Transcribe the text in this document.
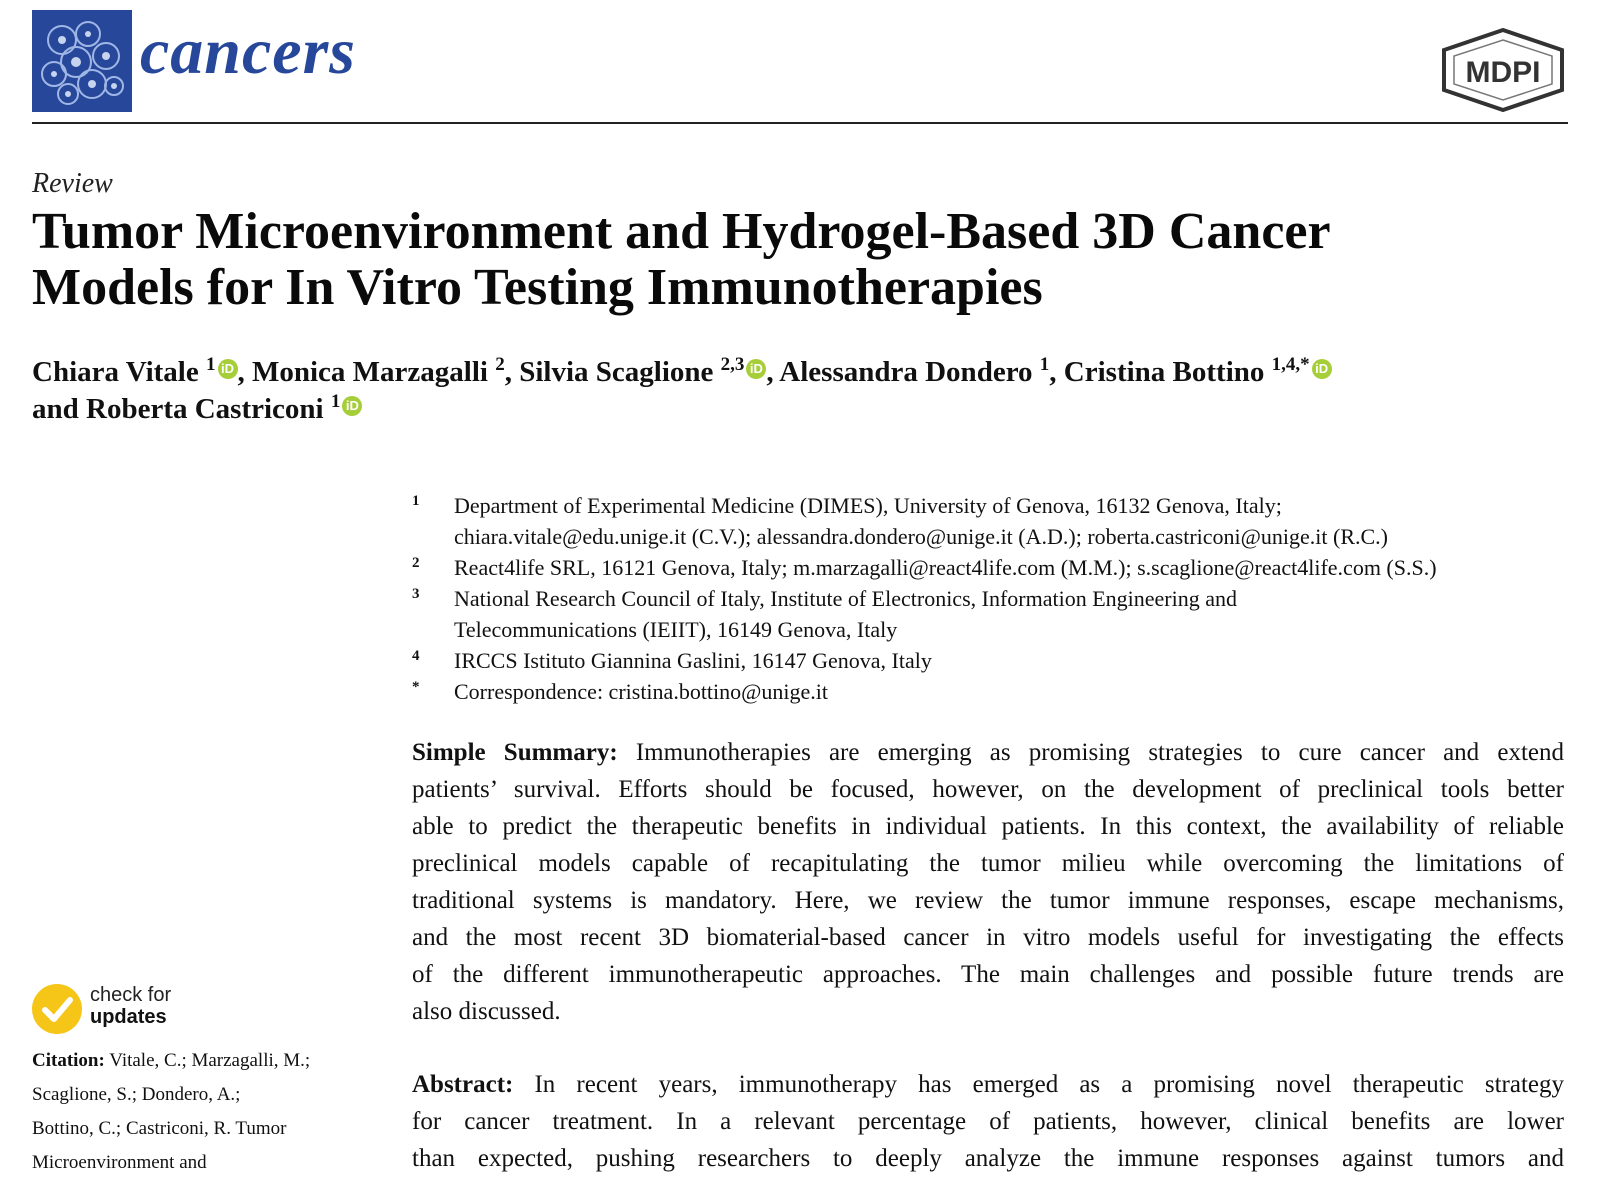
cancers	MDPI
Review
Tumor Microenvironment and Hydrogel-Based 3D Cancer
Models for In Vitro Testing Immunotherapies
Chiara Vitale $^1$ iD , Monica Marzagalli $^2$, Silvia Scaglione $^{2,3}$ iD , Alessandra Dondero $^1$, Cristina Bottino $^{1,4,*}$ iD
and Roberta Castriconi $^1$ iD
1 Department of Experimental Medicine (DIMES), University of Genova, 16132 Genova, Italy;
chiara.vitale@edu.unige.it (C.V.); alessandra.dondero@unige.it (A.D.); roberta.castriconi@unige.it (R.C.)
2 React4life SRL, 16121 Genova, Italy; m.marzagalli@react4life.com (M.M.); s.scaglione@react4life.com (S.S.)
3 National Research Council of Italy, Institute of Electronics, Information Engineering and
Telecommunications (IEIIT), 16149 Genova, Italy
4 IRCCS Istituto Giannina Gaslini, 16147 Genova, Italy
* Correspondence: cristina.bottino@unige.it
Simple Summary: Immunotherapies are emerging as promising strategies to cure cancer and extend
patients’ survival. Efforts should be focused, however, on the development of preclinical tools better
able to predict the therapeutic benefits in individual patients. In this context, the availability of reliable
preclinical models capable of recapitulating the tumor milieu while overcoming the limitations of
traditional systems is mandatory. Here, we review the tumor immune responses, escape mechanisms,
and the most recent 3D biomaterial-based cancer in vitro models useful for investigating the effects
of the different immunotherapeutic approaches. The main challenges and possible future trends are
also discussed.
Abstract: In recent years, immunotherapy has emerged as a promising novel therapeutic strategy
for cancer treatment. In a relevant percentage of patients, however, clinical benefits are lower
than expected, pushing researchers to deeply analyze the immune responses against tumors and
check for
updates
Citation: Vitale, C.; Marzagalli, M.;
Scaglione, S.; Dondero, A.;
Bottino, C.; Castriconi, R. Tumor
Microenvironment and
